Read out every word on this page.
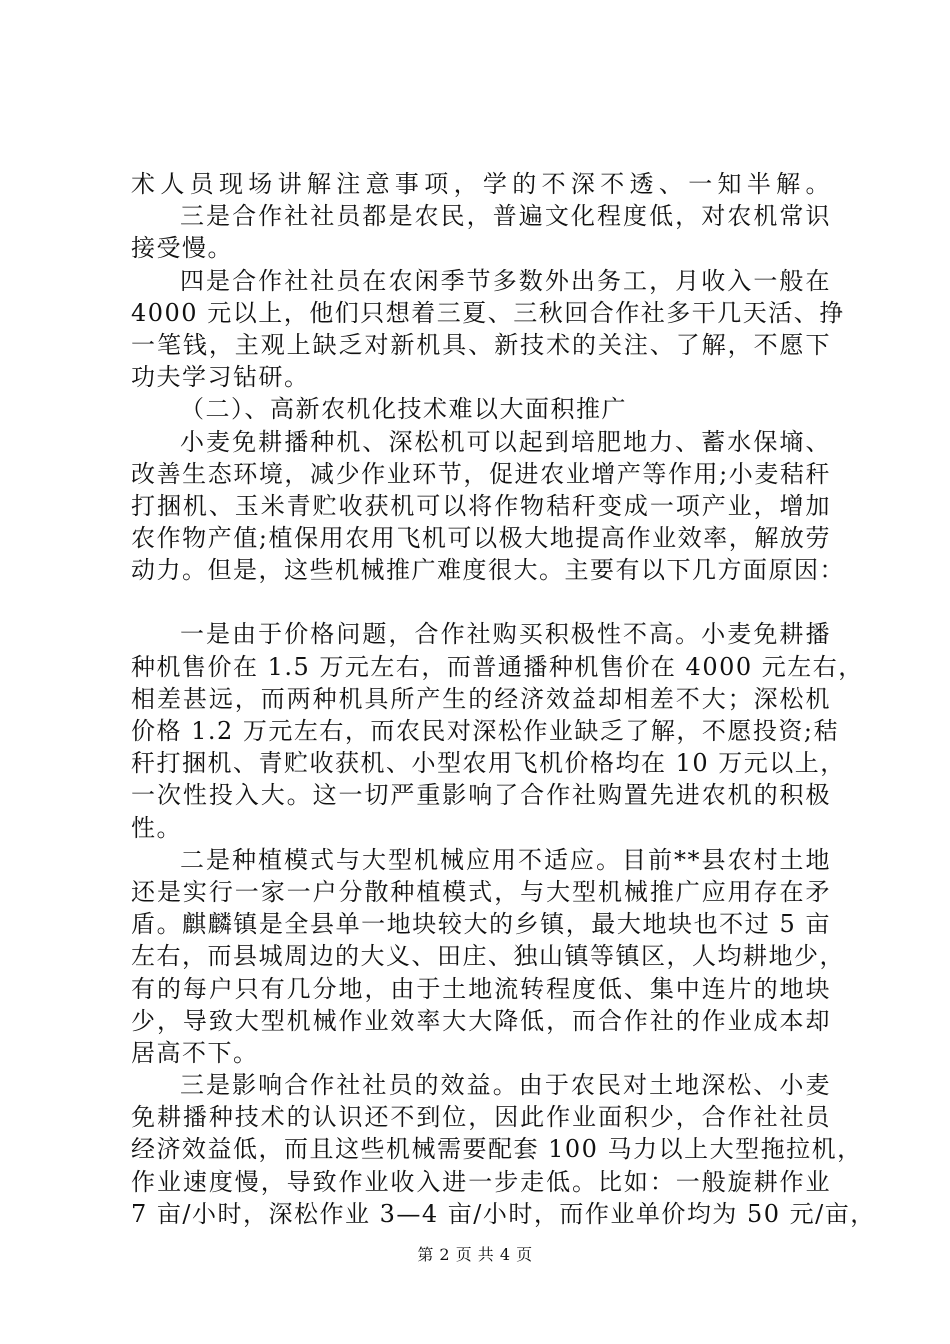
术人员现场讲解注意事项，学的不深不透、一知半解。
三是合作社社员都是农民，普遍文化程度低，对农机常识
接受慢。
四是合作社社员在农闲季节多数外出务工，月收入一般在
4000 元以上，他们只想着三夏、三秋回合作社多干几天活、挣
一笔钱，主观上缺乏对新机具、新技术的关注、了解，不愿下
功夫学习钻研。
（二）、高新农机化技术难以大面积推广
小麦免耕播种机、深松机可以起到培肥地力、蓄水保墒、
改善生态环境，减少作业环节，促进农业增产等作用;小麦秸秆
打捆机、玉米青贮收获机可以将作物秸秆变成一项产业，增加
农作物产值;植保用农用飞机可以极大地提高作业效率，解放劳
动力。但是，这些机械推广难度很大。主要有以下几方面原因：
一是由于价格问题，合作社购买积极性不高。小麦免耕播
种机售价在 1.5 万元左右，而普通播种机售价在 4000 元左右，
相差甚远，而两种机具所产生的经济效益却相差不大；深松机
价格 1.2 万元左右，而农民对深松作业缺乏了解，不愿投资;秸
秆打捆机、青贮收获机、小型农用飞机价格均在 10 万元以上，
一次性投入大。这一切严重影响了合作社购置先进农机的积极
性。
二是种植模式与大型机械应用不适应。目前**县农村土地
还是实行一家一户分散种植模式，与大型机械推广应用存在矛
盾。麒麟镇是全县单一地块较大的乡镇，最大地块也不过 5 亩
左右，而县城周边的大义、田庄、独山镇等镇区，人均耕地少，
有的每户只有几分地，由于土地流转程度低、集中连片的地块
少，导致大型机械作业效率大大降低，而合作社的作业成本却
居高不下。
三是影响合作社社员的效益。由于农民对土地深松、小麦
免耕播种技术的认识还不到位，因此作业面积少，合作社社员
经济效益低，而且这些机械需要配套 100 马力以上大型拖拉机，
作业速度慢，导致作业收入进一步走低。比如：一般旋耕作业
7 亩/小时，深松作业 3—4 亩/小时，而作业单价均为 50 元/亩，
第 2 页 共 4 页
